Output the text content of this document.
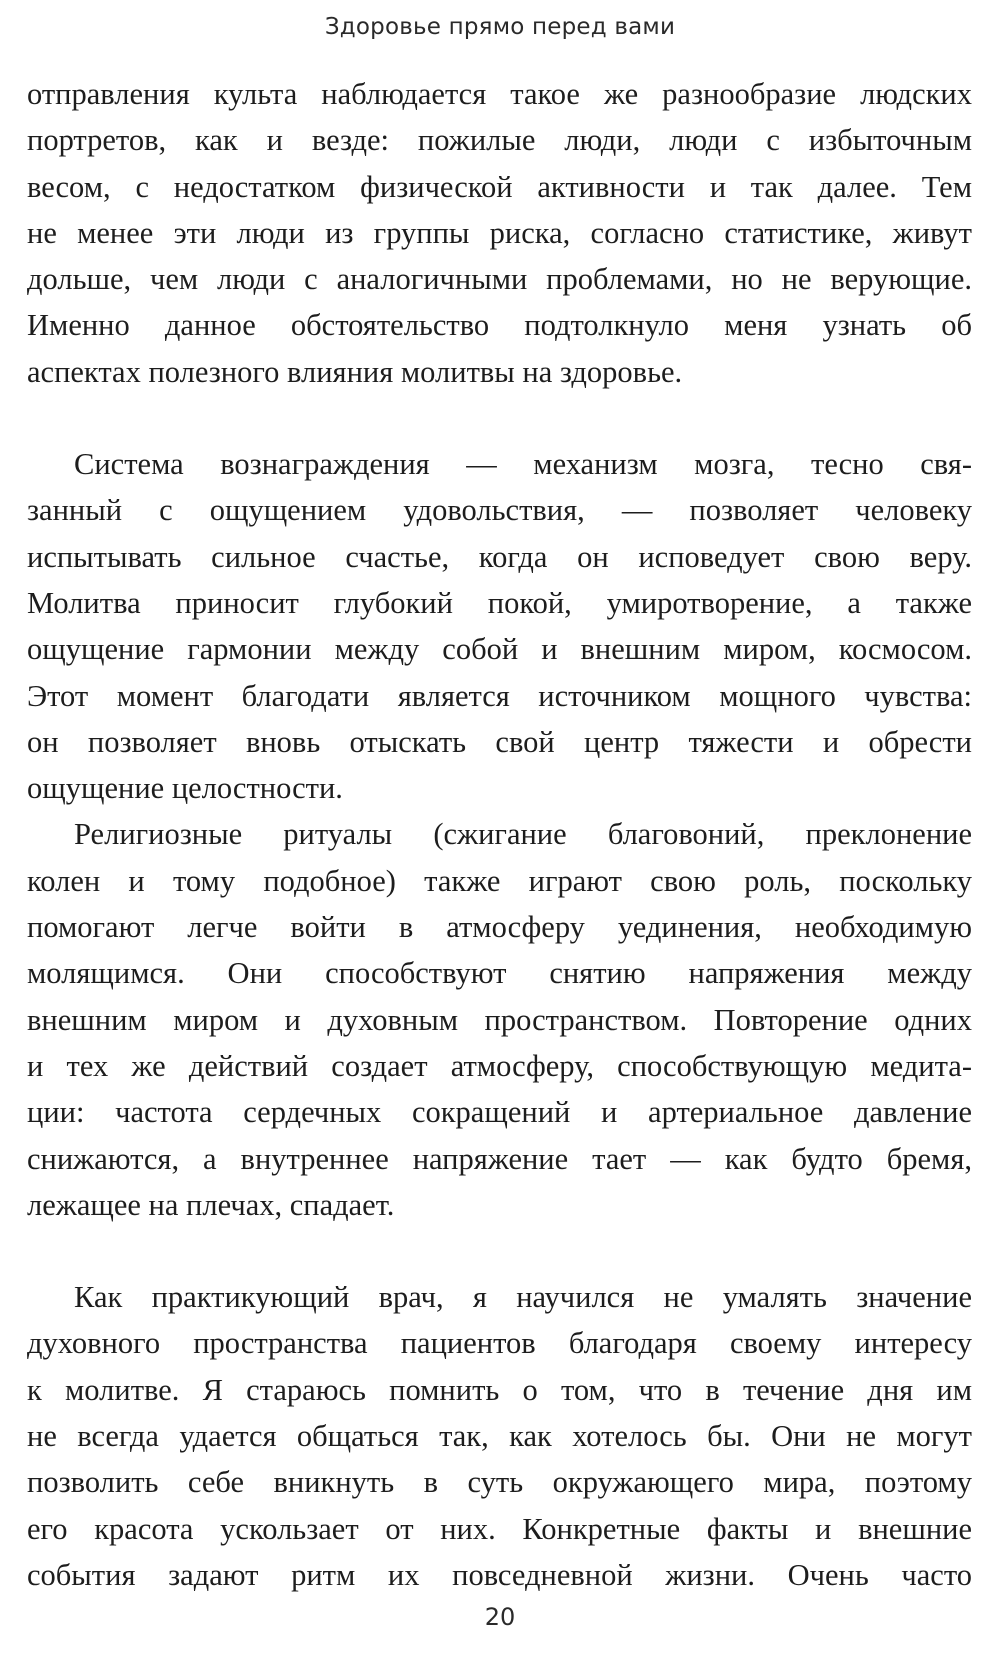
Здоровье прямо перед вами

отправления культа наблюдается такое же разнообразие людских

портретов, как и везде: пожилые люди, люди с избыточным

весом, с недостатком физической активности и так далее. Тем

не менее эти люди из группы риска, согласно статистике, живут

дольше, чем люди с аналогичными проблемами, но не верующие.

Именно данное обстоятельство подтолкнуло меня узнать об

аспектах полезного влияния молитвы на здоровье.

Система вознаграждения — механизм мозга, тесно свя-

занный с ощущением удовольствия, — позволяет человеку

испытывать сильное счастье, когда он исповедует свою веру.

Молитва приносит глубокий покой, умиротворение, а также

ощущение гармонии между собой и внешним миром, космосом.

Этот момент благодати является источником мощного чувства:

он позволяет вновь отыскать свой центр тяжести и обрести

ощущение целостности.

Религиозные ритуалы (сжигание благовоний, преклонение

колен и тому подобное) также играют свою роль, поскольку

помогают легче войти в атмосферу уединения, необходимую

молящимся. Они способствуют снятию напряжения между

внешним миром и духовным пространством. Повторение одних

и тех же действий создает атмосферу, способствующую медита-

ции: частота сердечных сокращений и артериальное давление

снижаются, а внутреннее напряжение тает — как будто бремя,

лежащее на плечах, спадает.

Как практикующий врач, я научился не умалять значение

духовного пространства пациентов благодаря своему интересу

к молитве. Я стараюсь помнить о том, что в течение дня им

не всегда удается общаться так, как хотелось бы. Они не могут

позволить себе вникнуть в суть окружающего мира, поэтому

его красота ускользает от них. Конкретные факты и внешние

события задают ритм их повседневной жизни. Очень часто

20
